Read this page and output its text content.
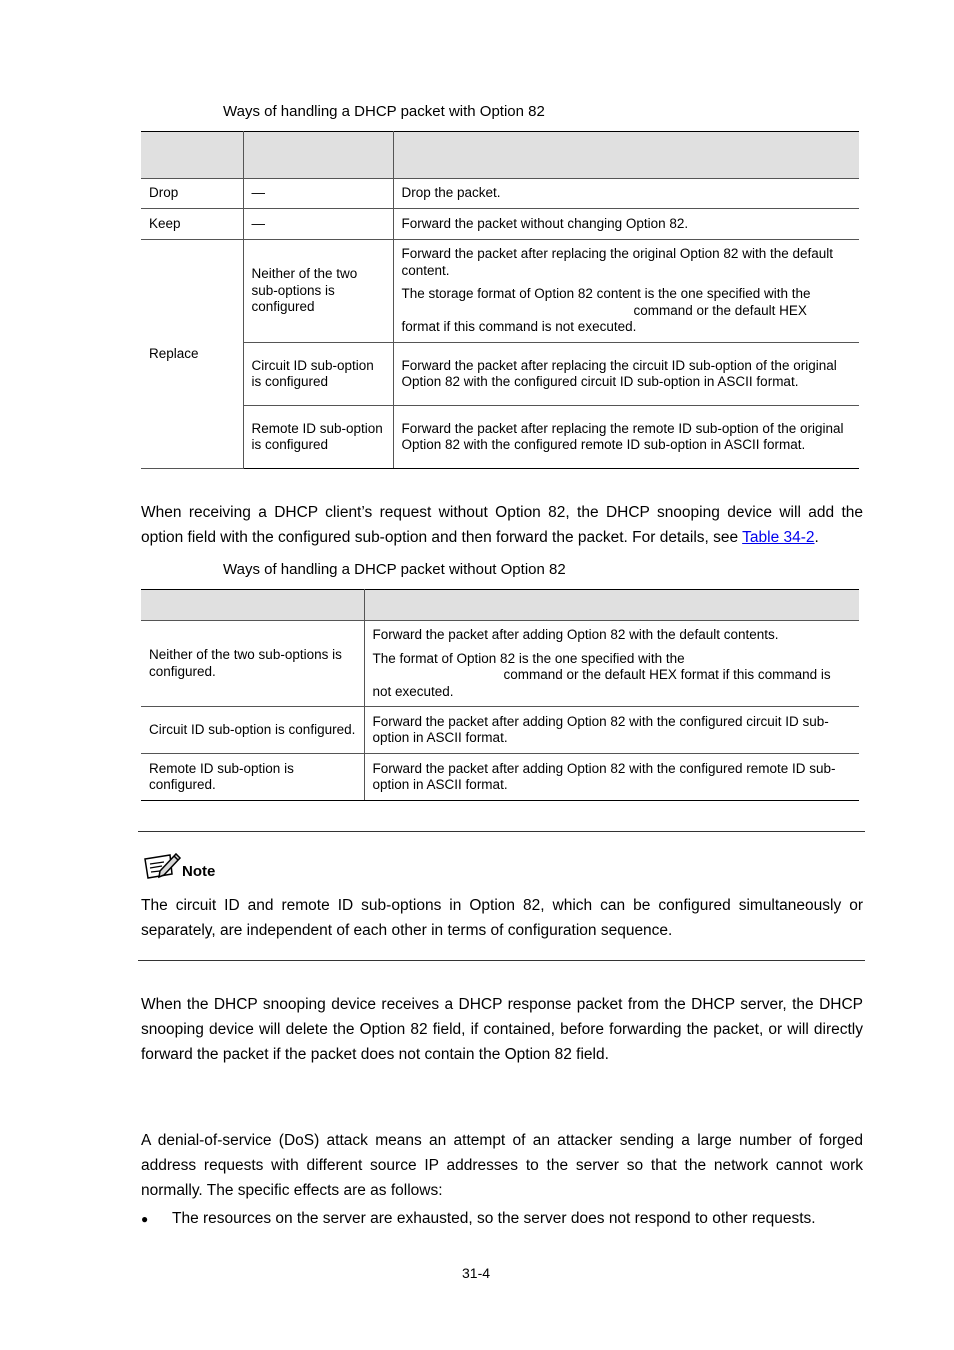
Ways of handling a DHCP packet with Option 82

Drop	—	Drop the packet.
Keep	—	Forward the packet without changing Option 82.
Replace	Neither of the two sub-options is configured	Forward the packet after replacing the original Option 82 with the default content.

The storage format of Option 82 content is the one specified with the
command or the default HEX
format if this command is not executed.

	Circuit ID sub-option is configured	Forward the packet after replacing the circuit ID sub-option of the original Option 82 with the configured circuit ID sub-option in ASCII format.
	Remote ID sub-option is configured	Forward the packet after replacing the remote ID sub-option of the original Option 82 with the configured remote ID sub-option in ASCII format.
When receiving a DHCP client’s request without Option 82, the DHCP snooping device will add the option field with the configured sub-option and then forward the packet. For details, see Table 34-2.
Ways of handling a DHCP packet without Option 82

Neither of the two sub-options is configured.	Forward the packet after adding Option 82 with the default contents.

The format of Option 82 is the one specified with the
command or the default HEX format if this command is
not executed.

Circuit ID sub-option is configured.	Forward the packet after adding Option 82 with the configured circuit ID sub-option in ASCII format.
Remote ID sub-option is configured.	Forward the packet after adding Option 82 with the configured remote ID sub-option in ASCII format.
Note
The circuit ID and remote ID sub-options in Option 82, which can be configured simultaneously or separately, are independent of each other in terms of configuration sequence.
When the DHCP snooping device receives a DHCP response packet from the DHCP server, the DHCP snooping device will delete the Option 82 field, if contained, before forwarding the packet, or will directly forward the packet if the packet does not contain the Option 82 field.
A denial-of-service (DoS) attack means an attempt of an attacker sending a large number of forged address requests with different source IP addresses to the server so that the network cannot work normally. The specific effects are as follows:
● The resources on the server are exhausted, so the server does not respond to other requests.
31-4
